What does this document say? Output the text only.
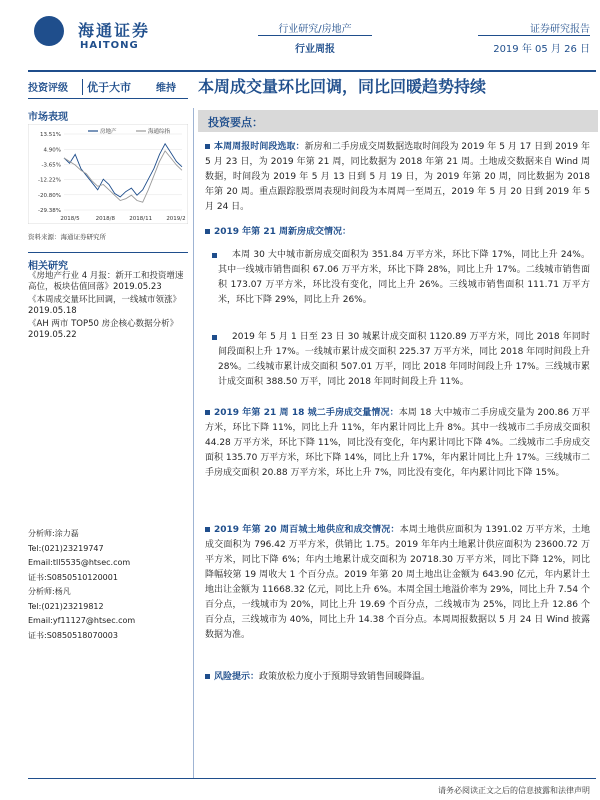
海通证券
HAITONG
行业研究/房地产
行业周报
证券研究报告
2019 年 05 月 26 日
投资评级	优于大市	维持 本周成交量环比回调，同比回暖趋势持续
市场表现
房地产	海通综指
13.51%
4.90%
-3.65%
-12.22%
-20.80%
-29.38%
2018/5	2018/8	2018/11	2019/2
资料来源：海通证券研究所
相关研究
《房地产行业 4 月报：新开工和投资增速高位，板块估值回落》2019.05.23
《本周成交量环比回调，一线城市领涨》2019.05.18
《AH 两市 TOP50 房企核心数据分析》2019.05.22
分析师:涂力磊
Tel:(021)23219747
Email:tll5535@htsec.com
证书:S0850510120001
分析师:杨凡
Tel:(021)23219812
Email:yf11127@htsec.com
证书:S0850518070003
投资要点：
本周周报时间段选取：新房和二手房成交周数据选取时间段为 2019 年 5 月 17 日到 2019 年 5 月 23 日，为 2019 年第 21 周，同比数据为 2018 年第 21 周。土地成交数据来自 Wind 周数据，时间段为 2019 年 5 月 13 日到 5 月 19 日，为 2019 年第 20 周，同比数据为 2018 年第 20 周。重点跟踪股票周表现时间段为本周周一至周五，2019 年 5 月 20 日到 2019 年 5 月 24 日。
2019 年第 21 周新房成交情况：
本周 30 大中城市新房成交面积为 351.84 万平方米，环比下降 17%，同比上升 24%。其中一线城市销售面积 67.06 万平方米，环比下降 28%，同比上升 17%。二线城市销售面积 173.07 万平方米，环比没有变化，同比上升 26%。三线城市销售面积 111.71 万平方米，环比下降 29%，同比上升 26%。
2019 年 5 月 1 日至 23 日 30 城累计成交面积 1120.89 万平方米，同比 2018 年同时间段面积上升 17%。一线城市累计成交面积 225.37 万平方米，同比 2018 年同时间段上升 28%。二线城市累计成交面积 507.01 万平，同比 2018 年同时间段上升 17%。三线城市累计成交面积 388.50 万平，同比 2018 年同时间段上升 11%。
2019 年第 21 周 18 城二手房成交量情况：本周 18 大中城市二手房成交量为 200.86 万平方米，环比下降 11%，同比上升 11%，年内累计同比上升 8%。其中一线城市二手房成交面积 44.28 万平方米，环比下降 11%，同比没有变化，年内累计同比下降 4%。二线城市二手房成交面积 135.70 万平方米，环比下降 14%，同比上升 17%，年内累计同比上升 17%。三线城市二手房成交面积 20.88 万平方米，环比上升 7%，同比没有变化，年内累计同比下降 15%。
2019 年第 20 周百城土地供应和成交情况：本周土地供应面积为 1391.02 万平方米，土地成交面积为 796.42 万平方米，供销比 1.75。2019 年年内土地累计供应面积为 23600.72 万平方米，同比下降 6%；年内土地累计成交面积为 20718.30 万平方米，同比下降 12%，同比降幅较第 19 周收大 1 个百分点。2019 年第 20 周土地出让金额为 643.90 亿元，年内累计土地出让金额为 11668.32 亿元，同比上升 6%。本周全国土地溢价率为 29%，同比上升 7.54 个百分点，一线城市为 20%，同比上升 19.69 个百分点，二线城市为 25%，同比上升 12.86 个百分点，三线城市为 40%，同比上升 14.38 个百分点。本周周报数据以 5 月 24 日 Wind 披露数据为准。
风险提示：政策放松力度小于预期导致销售回暖降温。
请务必阅读正文之后的信息披露和法律声明
